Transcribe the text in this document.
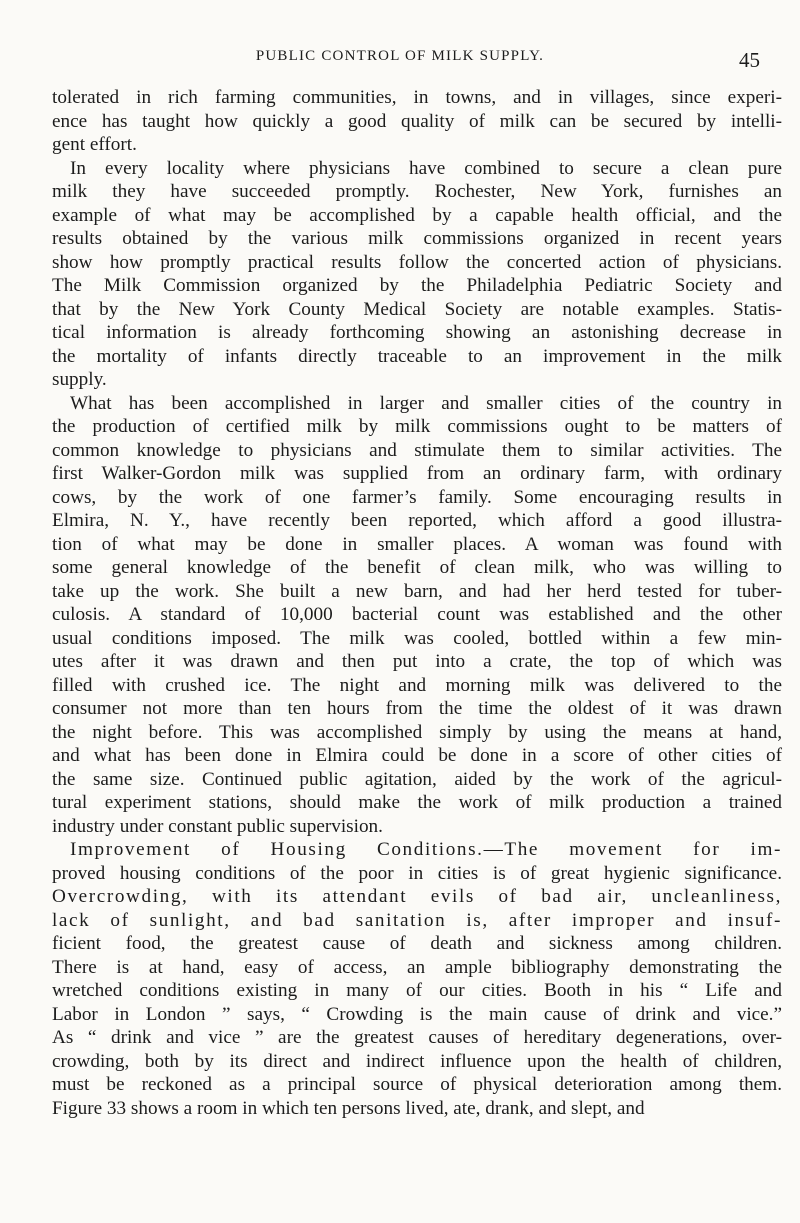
PUBLIC CONTROL OF MILK SUPPLY.	45
tolerated in rich farming communities, in towns, and in villages, since experi-
ence has taught how quickly a good quality of milk can be secured by intelli-
gent effort.
In every locality where physicians have combined to secure a clean pure
milk they have succeeded promptly. Rochester, New York, furnishes an
example of what may be accomplished by a capable health official, and the
results obtained by the various milk commissions organized in recent years
show how promptly practical results follow the concerted action of physicians.
The Milk Commission organized by the Philadelphia Pediatric Society and
that by the New York County Medical Society are notable examples. Statis-
tical information is already forthcoming showing an astonishing decrease in
the mortality of infants directly traceable to an improvement in the milk
supply.
What has been accomplished in larger and smaller cities of the country in
the production of certified milk by milk commissions ought to be matters of
common knowledge to physicians and stimulate them to similar activities. The
first Walker-Gordon milk was supplied from an ordinary farm, with ordinary
cows, by the work of one farmer’s family. Some encouraging results in
Elmira, N. Y., have recently been reported, which afford a good illustra-
tion of what may be done in smaller places. A woman was found with
some general knowledge of the benefit of clean milk, who was willing to
take up the work. She built a new barn, and had her herd tested for tuber-
culosis. A standard of 10,000 bacterial count was established and the other
usual conditions imposed. The milk was cooled, bottled within a few min-
utes after it was drawn and then put into a crate, the top of which was
filled with crushed ice. The night and morning milk was delivered to the
consumer not more than ten hours from the time the oldest of it was drawn
the night before. This was accomplished simply by using the means at hand,
and what has been done in Elmira could be done in a score of other cities of
the same size. Continued public agitation, aided by the work of the agricul-
tural experiment stations, should make the work of milk production a trained
industry under constant public supervision.
Improvement of Housing Conditions.—The movement for im-
proved housing conditions of the poor in cities is of great hygienic significance.
Overcrowding, with its attendant evils of bad air, uncleanliness,
lack of sunlight, and bad sanitation is, after improper and insuf-
ficient food, the greatest cause of death and sickness among children.
There is at hand, easy of access, an ample bibliography demonstrating the
wretched conditions existing in many of our cities. Booth in his “ Life and
Labor in London ” says, “ Crowding is the main cause of drink and vice.”
As “ drink and vice ” are the greatest causes of hereditary degenerations, over-
crowding, both by its direct and indirect influence upon the health of children,
must be reckoned as a principal source of physical deterioration among them.
Figure 33 shows a room in which ten persons lived, ate, drank, and slept, and
